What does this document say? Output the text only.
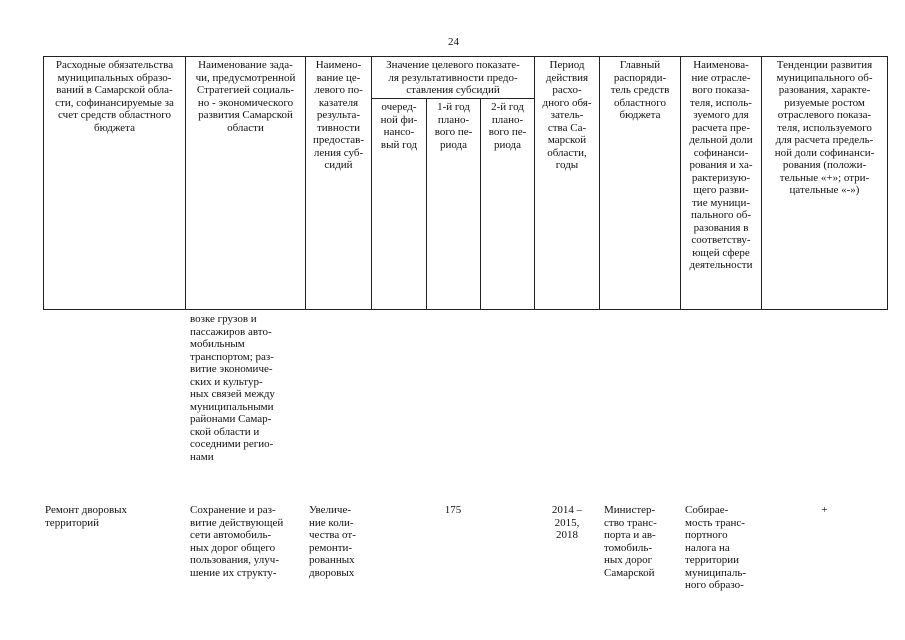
24
Расходные обязательства
муниципальных образо-
ваний в Самарской обла-
сти, софинансируемые за
счет средств областного
бюджета
Наименование зада-
чи, предусмотренной
Стратегией социаль-
но - экономического
развития Самарской
области
Наимено-
вание це-
левого по-
казателя
результа-
тивности
предостав-
ления суб-
сидий
Значение целевого показате-
ля результативности предо-
ставления субсидий
очеред-
ной фи-
нансо-
вый год
1-й год
плано-
вого пе-
риода
2-й год
плано-
вого пе-
риода
Период
действия
расхо-
дного обя-
затель-
ства Са-
марской
области,
годы
Главный
распоряди-
тель средств
областного
бюджета
Наименова-
ние отрасле-
вого показа-
теля, исполь-
зуемого для
расчета пре-
дельной доли
софинанси-
рования и ха-
рактеризую-
щего разви-
тие муници-
пального об-
разования в
соответству-
ющей сфере
деятельности
Тенденции развития
муниципального об-
разования, характе-
ризуемые ростом
отраслевого показа-
теля, используемого
для расчета предель-
ной доли софинанси-
рования (положи-
тельные «+»; отри-
цательные «-»)
возке грузов и
пассажиров авто-
мобильным
транспортом; раз-
витие экономиче-
ских и культур-
ных связей между
муниципальными
районами Самар-
ской области и
соседними регио-
нами
Ремонт дворовых
территорий
Сохранение и раз-
витие действующей
сети автомобиль-
ных дорог общего
пользования, улуч-
шение их структу-
Увеличе-
ние коли-
чества от-
ремонти-
рованных
дворовых
175	2014 –
2015,
2018
Министер-
ство транс-
порта и ав-
томобиль-
ных дорог
Самарской
Собирае-
мость транс-
портного
налога на
территории
муниципаль-
ного образо-
+
